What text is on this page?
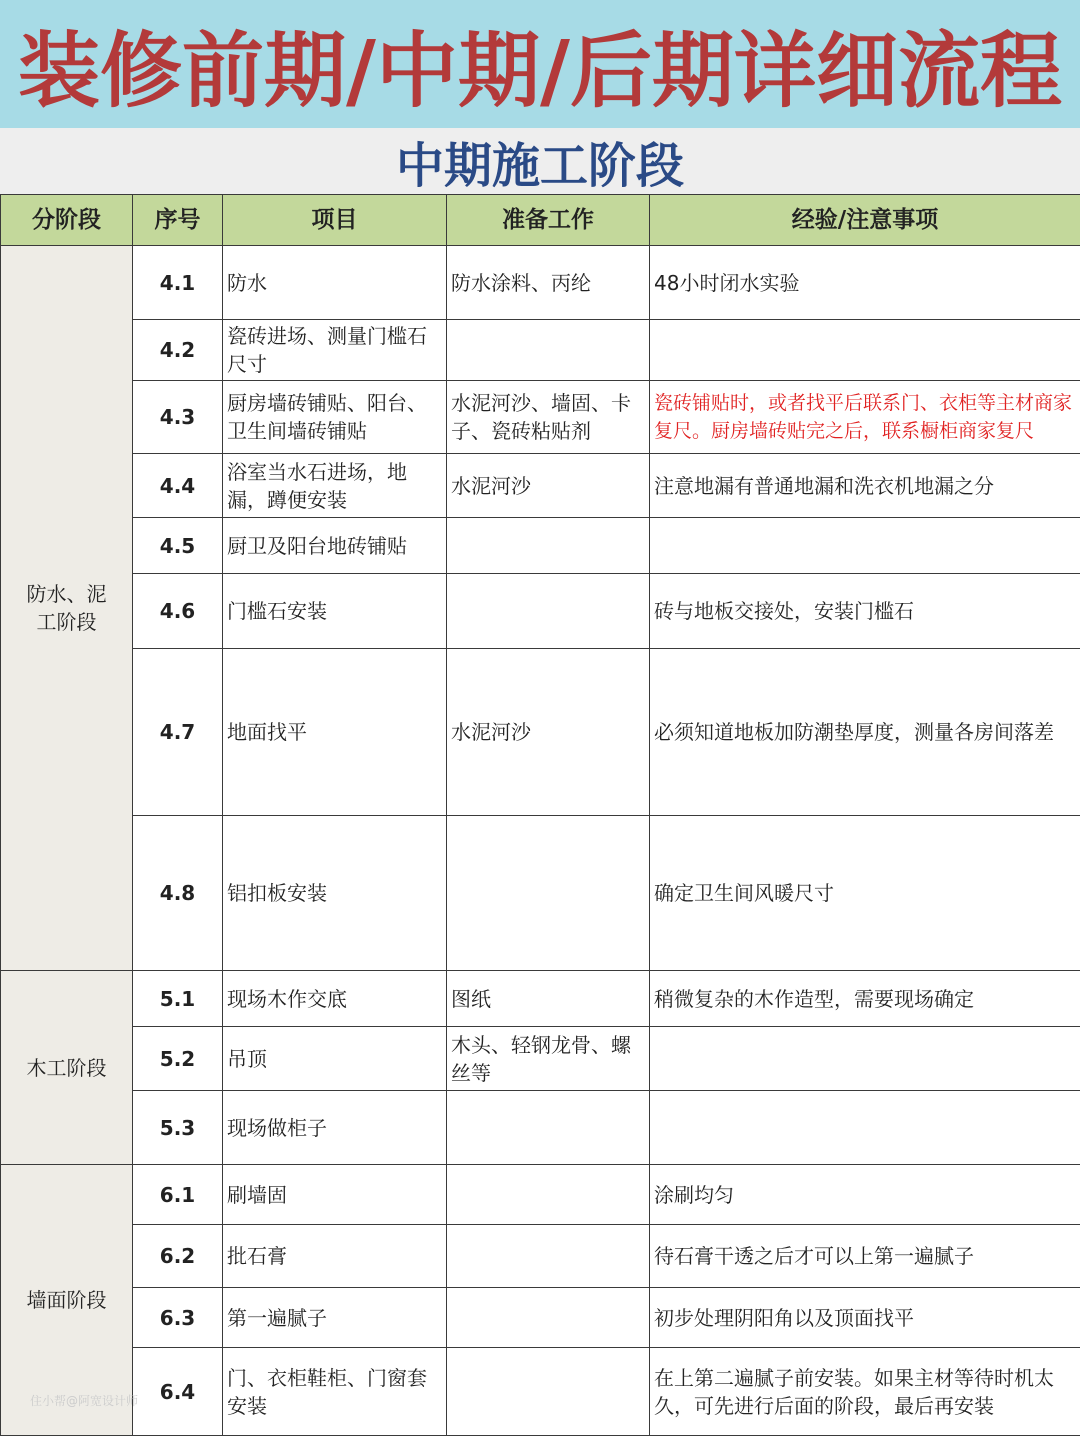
装修前期/中期/后期详细流程
中期施工阶段
分阶段	序号	项目	准备工作	经验/注意事项

防水、泥工阶段	4.1	防水	防水涂料、丙纶	48小时闭水实验
	4.2	瓷砖进场、测量门槛石尺寸		
	4.3	厨房墙砖铺贴、阳台、卫生间墙砖铺贴	水泥河沙、墙固、卡子、瓷砖粘贴剂	瓷砖铺贴时，或者找平后联系门、衣柜等主材商家复尺。厨房墙砖贴完之后，联系橱柜商家复尺
	4.4	浴室当水石进场，地漏，蹲便安装	水泥河沙	注意地漏有普通地漏和洗衣机地漏之分
	4.5	厨卫及阳台地砖铺贴		
	4.6	门槛石安装		砖与地板交接处，安装门槛石
	4.7	地面找平	水泥河沙	必须知道地板加防潮垫厚度，测量各房间落差
	4.8	铝扣板安装		确定卫生间风暖尺寸
木工阶段	5.1	现场木作交底	图纸	稍微复杂的木作造型，需要现场确定
	5.2	吊顶	木头、轻钢龙骨、螺丝等	
	5.3	现场做柜子		
墙面阶段	6.1	刷墙固		涂刷均匀
	6.2	批石膏		待石膏干透之后才可以上第一遍腻子
	6.3	第一遍腻子		初步处理阴阳角以及顶面找平
	6.4	门、衣柜鞋柜、门窗套安装		在上第二遍腻子前安装。如果主材等待时机太久，可先进行后面的阶段，最后再安装
住小帮@阿宽设计师
